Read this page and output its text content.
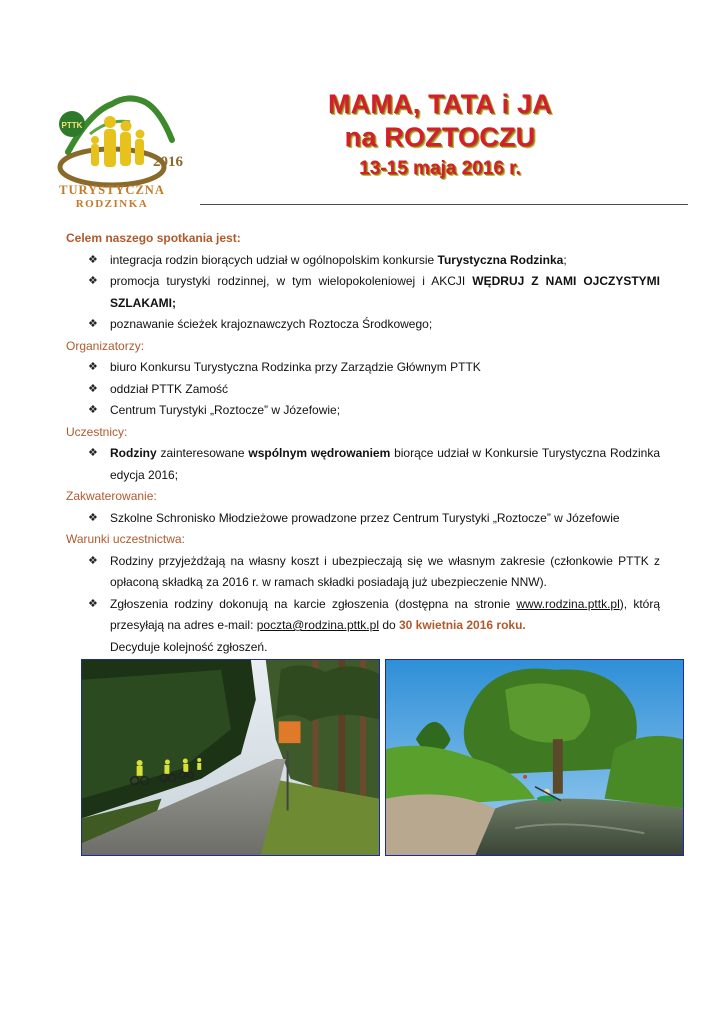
PTTK
2016
TURYSTYCZNA
RODZINKA
MAMA, TATA i JA
na ROZTOCZU
13-15 maja 2016 r.
Celem naszego spotkania jest:
❖ integracja rodzin biorących udział w ogólnopolskim konkursie Turystyczna Rodzinka;
❖ promocja turystyki rodzinnej, w tym wielopokoleniowej i AKCJI WĘDRUJ Z NAMI OJCZYSTYMI SZLAKAMI;
❖ poznawanie ścieżek krajoznawczych Roztocza Środkowego;
Organizatorzy:
❖ biuro Konkursu Turystyczna Rodzinka przy Zarządzie Głównym PTTK
❖ oddział PTTK Zamość
❖ Centrum Turystyki „Roztocze” w Józefowie;
Uczestnicy:
❖ Rodziny zainteresowane wspólnym wędrowaniem biorące udział w Konkursie Turystyczna Rodzinka edycja 2016;
Zakwaterowanie:
❖ Szkolne Schronisko Młodzieżowe prowadzone przez Centrum Turystyki „Roztocze” w Józefowie
Warunki uczestnictwa:
❖ Rodziny przyjeżdżają na własny koszt i ubezpieczają się we własnym zakresie (członkowie PTTK z opłaconą składką za 2016 r. w ramach składki posiadają już ubezpieczenie NNW).
❖ Zgłoszenia rodziny dokonują na karcie zgłoszenia (dostępna na stronie www.rodzina.pttk.pl), którą przesyłają na adres e-mail: poczta@rodzina.pttk.pl do 30 kwietnia 2016 roku.
Decyduje kolejność zgłoszeń.
